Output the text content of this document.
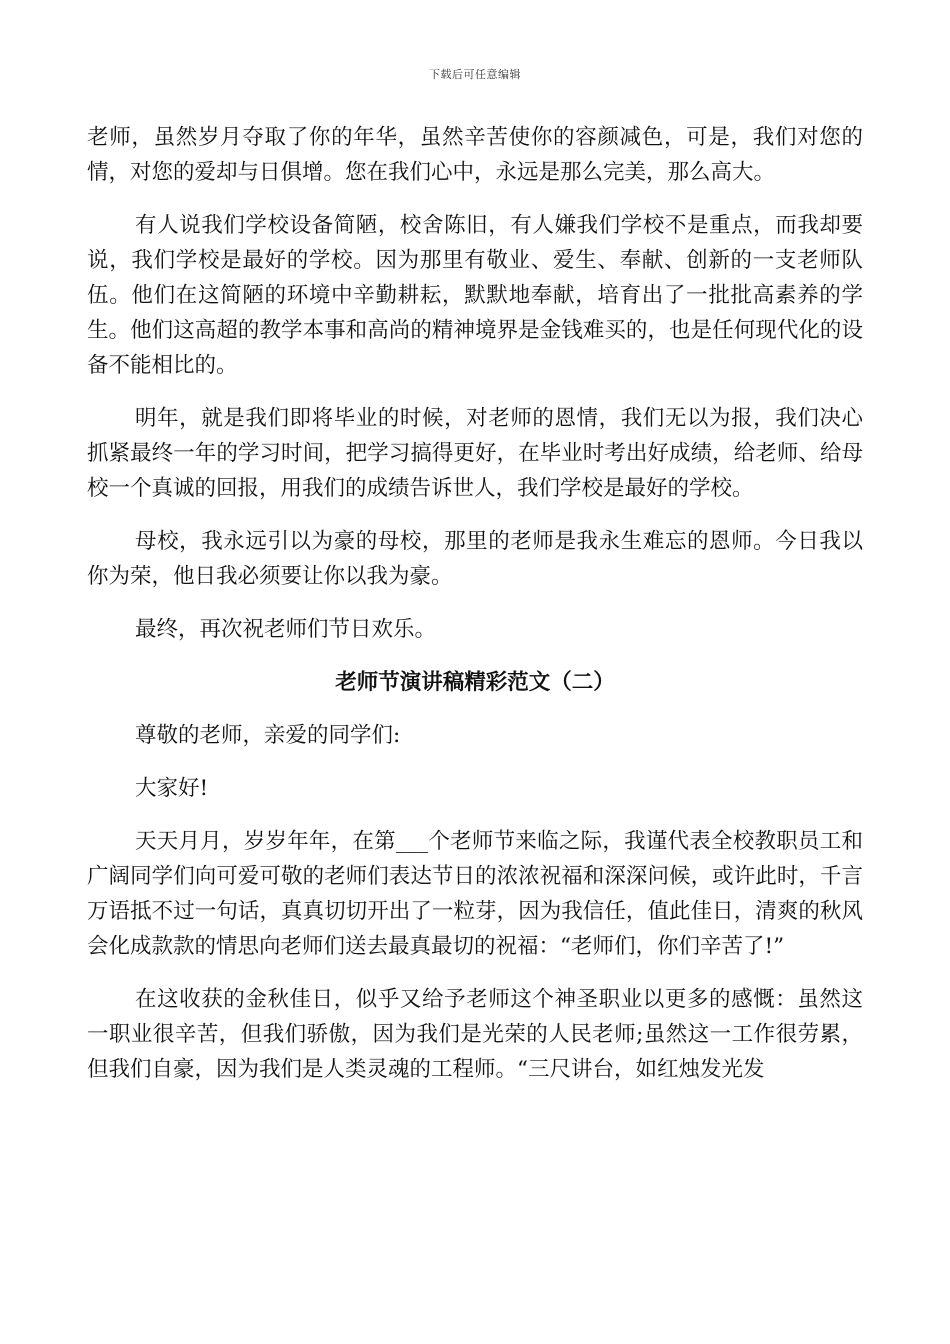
下载后可任意编辑

老师，虽然岁月夺取了你的年华，虽然辛苦使你的容颜减色，可是，我们对您的情，对您的爱却与日俱增。您在我们心中，永远是那么完美，那么高大。

有人说我们学校设备简陋，校舍陈旧，有人嫌我们学校不是重点，而我却要说，我们学校是最好的学校。因为那里有敬业、爱生、奉献、创新的一支老师队伍。他们在这简陋的环境中辛勤耕耘，默默地奉献，培育出了一批批高素养的学生。他们这高超的教学本事和高尚的精神境界是金钱难买的，也是任何现代化的设备不能相比的。

明年，就是我们即将毕业的时候，对老师的恩情，我们无以为报，我们决心抓紧最终一年的学习时间，把学习搞得更好，在毕业时考出好成绩，给老师、给母校一个真诚的回报，用我们的成绩告诉世人，我们学校是最好的学校。

母校，我永远引以为豪的母校，那里的老师是我永生难忘的恩师。今日我以你为荣，他日我必须要让你以我为豪。

最终，再次祝老师们节日欢乐。

老师节演讲稿精彩范文（二）

尊敬的老师，亲爱的同学们:

大家好!

天天月月，岁岁年年，在第___个老师节来临之际，我谨代表全校教职员工和广阔同学们向可爱可敬的老师们表达节日的浓浓祝福和深深问候，或许此时，千言万语抵不过一句话，真真切切开出了一粒芽，因为我信任，值此佳日，清爽的秋风会化成款款的情思向老师们送去最真最切的祝福：“老师们，你们辛苦了!”

在这收获的金秋佳日，似乎又给予老师这个神圣职业以更多的感慨：虽然这一职业很辛苦，但我们骄傲，因为我们是光荣的人民老师;虽然这一工作很劳累，但我们自豪，因为我们是人类灵魂的工程师。“三尺讲台，如红烛发光发
